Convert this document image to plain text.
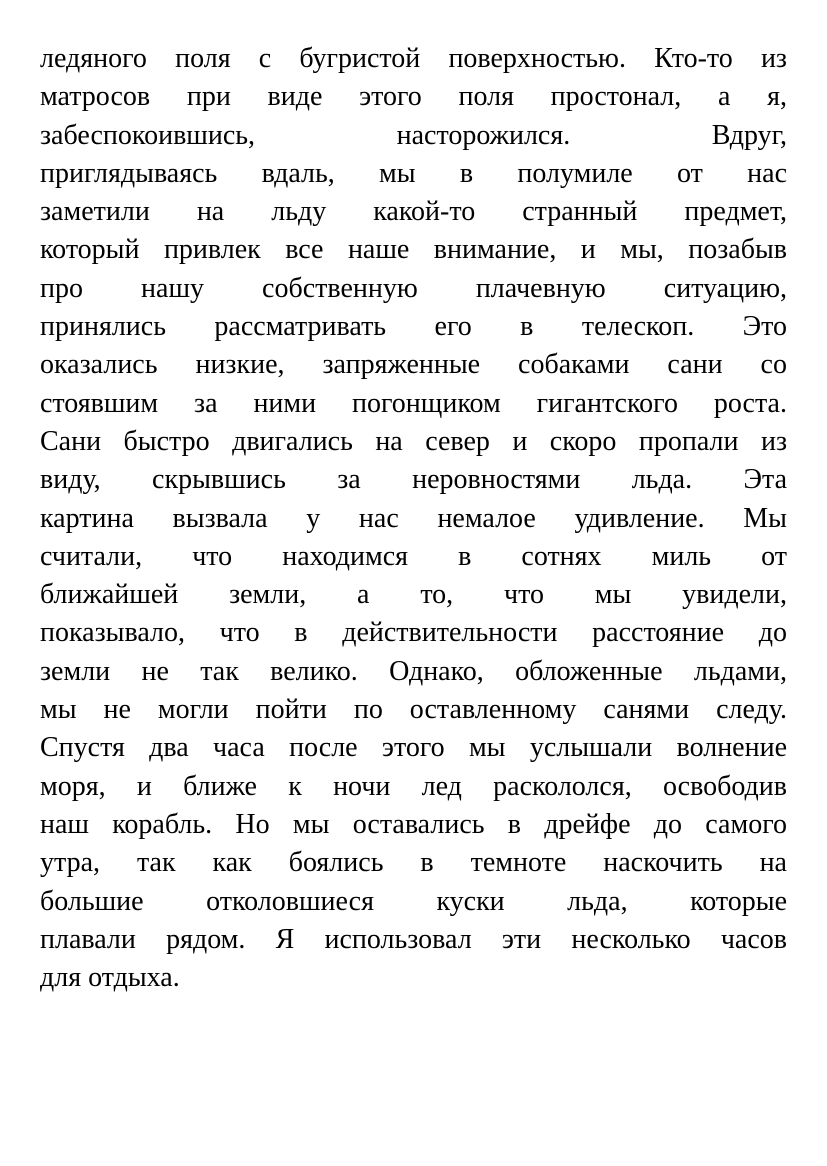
ледяного поля с бугристой поверхностью. Кто-то из
матросов при виде этого поля простонал, а я,
забеспокоившись, насторожился. Вдруг,
приглядываясь вдаль, мы в полумиле от нас
заметили на льду какой-то странный предмет,
который привлек все наше внимание, и мы, позабыв
про нашу собственную плачевную ситуацию,
принялись рассматривать его в телескоп. Это
оказались низкие, запряженные собаками сани со
стоявшим за ними погонщиком гигантского роста.
Сани быстро двигались на север и скоро пропали из
виду, скрывшись за неровностями льда. Эта
картина вызвала у нас немалое удивление. Мы
считали, что находимся в сотнях миль от
ближайшей земли, а то, что мы увидели,
показывало, что в действительности расстояние до
земли не так велико. Однако, обложенные льдами,
мы не могли пойти по оставленному санями следу.
Спустя два часа после этого мы услышали волнение
моря, и ближе к ночи лед раскололся, освободив
наш корабль. Но мы оставались в дрейфе до самого
утра, так как боялись в темноте наскочить на
большие отколовшиеся куски льда, которые
плавали рядом. Я использовал эти несколько часов
для отдыха.
